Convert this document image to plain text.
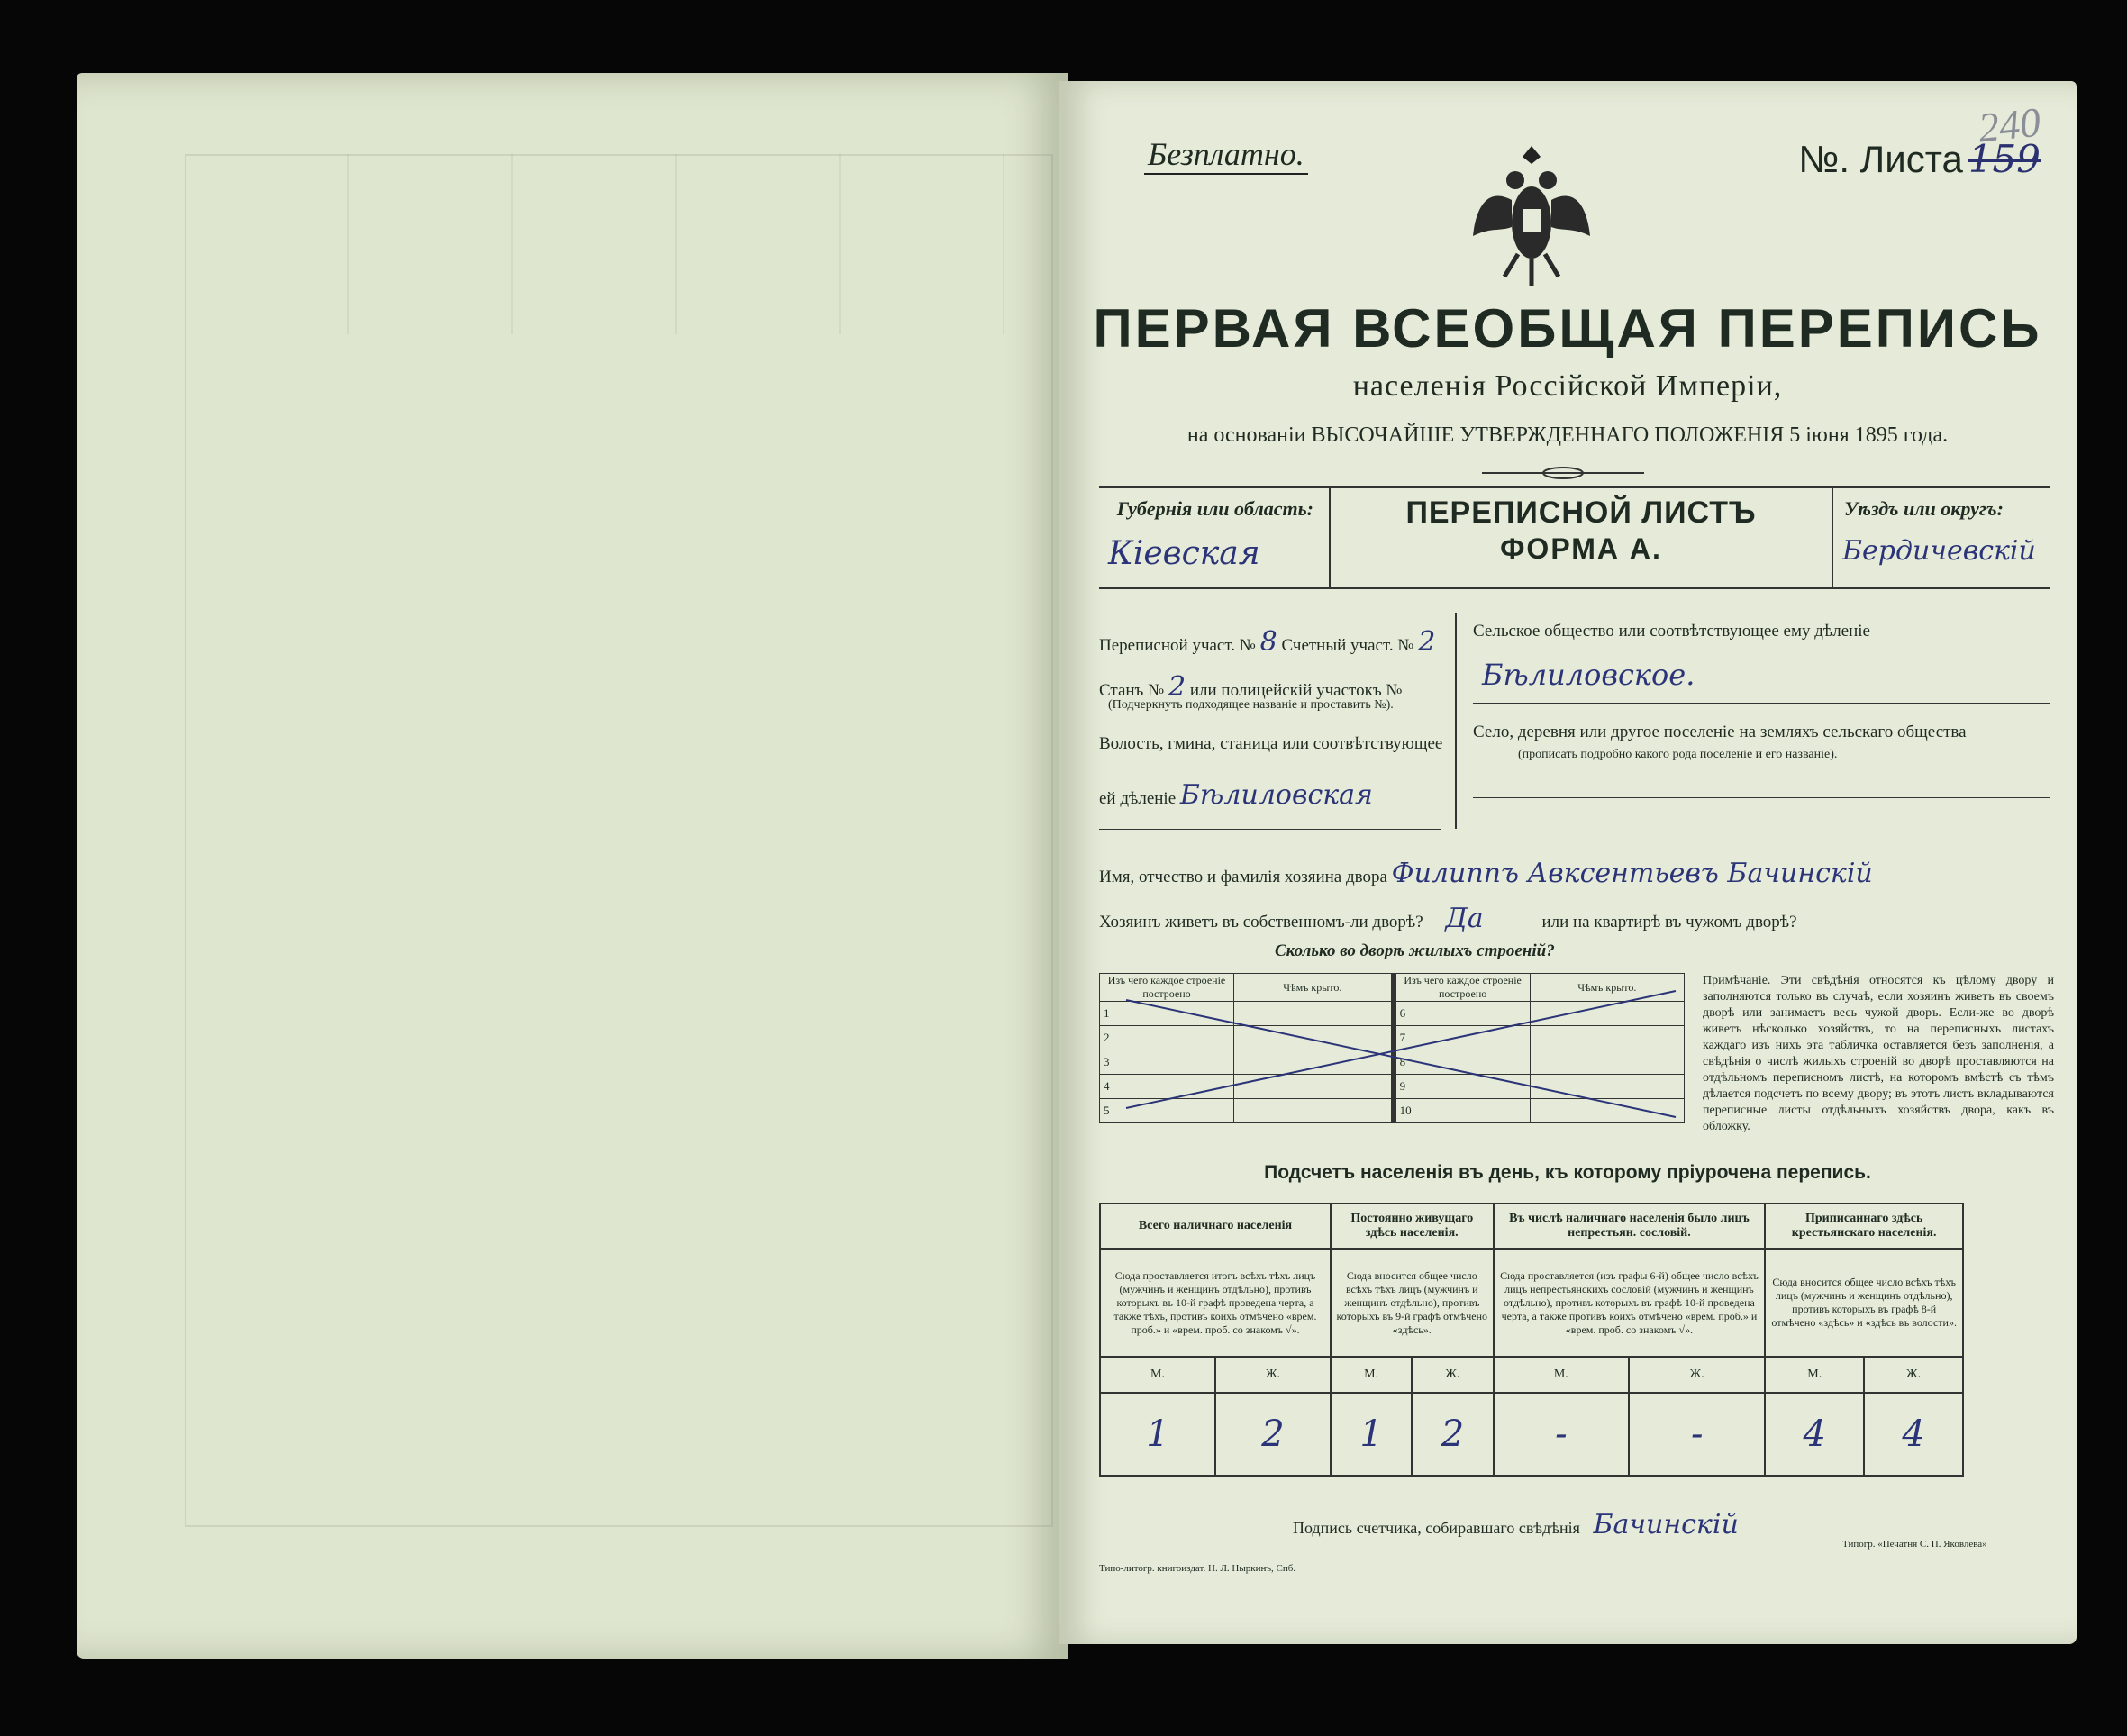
Безплатно.
240
№. Листа 159
ПЕРВАЯ ВСЕОБЩАЯ ПЕРЕПИСЬ
населенія Россійской Имперіи,
на основаніи ВЫСОЧАЙШЕ УТВЕРЖДЕННАГО ПОЛОЖЕНІЯ 5 іюня 1895 года.
Губернія или область:
Кіевская
ПЕРЕПИСНОЙ ЛИСТЪ
ФОРМА А.
Уѣздъ или округъ:
Бердичевскій
Переписной участ. № 8 Счетный участ. № 2
Станъ № 2 или полицейскій участокъ №
(Подчеркнуть подходящее названіе и проставить №).
Волость, гмина, станица или соотвѣтствующее
ей дѣленіе Бѣлиловская
Сельское общество или соотвѣтствующее ему дѣленіе
Бѣлиловское.
Село, деревня или другое поселеніе на земляхъ сельскаго общества
(прописать подробно какого рода поселеніе и его названіе).
Имя, отчество и фамилія хозяина двора Филиппъ Авксентьевъ Бачинскій
Хозяинъ живетъ въ собственномъ-ли дворѣ? Да	или на квартирѣ въ чужомъ дворѣ?
Сколько во дворѣ жилыхъ строеній?
Изъ чего каждое строеніе построено	Чѣмъ крыто.	Изъ чего каждое строеніе построено	Чѣмъ крыто.
1		6	
2		7	
3		8	
4		9	
5		10	
Примѣчаніе. Эти свѣдѣнія относятся къ цѣлому двору и заполняются только въ случаѣ, если хозяинъ живетъ въ своемъ дворѣ или занимаетъ весь чужой дворъ. Если-же во дворѣ живетъ нѣсколько хозяйствъ, то на переписныхъ листахъ каждаго изъ нихъ эта табличка оставляется безъ заполненія, а свѣдѣнія о числѣ жилыхъ строеній во дворѣ проставляются на отдѣльномъ переписномъ листѣ, на которомъ вмѣстѣ съ тѣмъ дѣлается подсчетъ по всему двору; въ этотъ листъ вкладываются переписные листы отдѣльныхъ хозяйствъ двора, какъ въ обложку.
Подсчетъ населенія въ день, къ которому пріурочена перепись.
Всего наличнаго населенія		Постоянно живущаго здѣсь населенія.		Въ числѣ наличнаго населенія было лицъ непрестьян. сословій.		Приписаннаго здѣсь крестьянскаго населенія.	
Сюда проставляется итогъ всѣхъ тѣхъ лицъ (мужчинъ и женщинъ отдѣльно), противъ которыхъ въ 10-й графѣ проведена черта, а также тѣхъ, противъ коихъ отмѣчено «врем. проб.» и «врем. проб. со знакомъ √».		Сюда вносится общее число всѣхъ тѣхъ лицъ (мужчинъ и женщинъ отдѣльно), противъ которыхъ въ 9-й графѣ отмѣчено «здѣсь».		Сюда проставляется (изъ графы 6-й) общее число всѣхъ лицъ непрестьянскихъ сословій (мужчинъ и женщинъ отдѣльно), противъ которыхъ въ графѣ 10-й проведена черта, а также противъ коихъ отмѣчено «врем. проб.» и «врем. проб. со знакомъ √».		Сюда вносится общее число всѣхъ тѣхъ лицъ (мужчинъ и женщинъ отдѣльно), противъ которыхъ въ графѣ 8-й отмѣчено «здѣсь» и «здѣсь въ волости».	
М.	Ж.	М.	Ж.	М.	Ж.	М.	Ж.
1	2	1	2	-	-	4	4
Подпись счетчика, собиравшаго свѣдѣнія Бачинскій
Типо-литогр. книгоиздат. Н. Л. Ныркинъ, Спб.
Типогр. «Печатня С. П. Яковлева»
